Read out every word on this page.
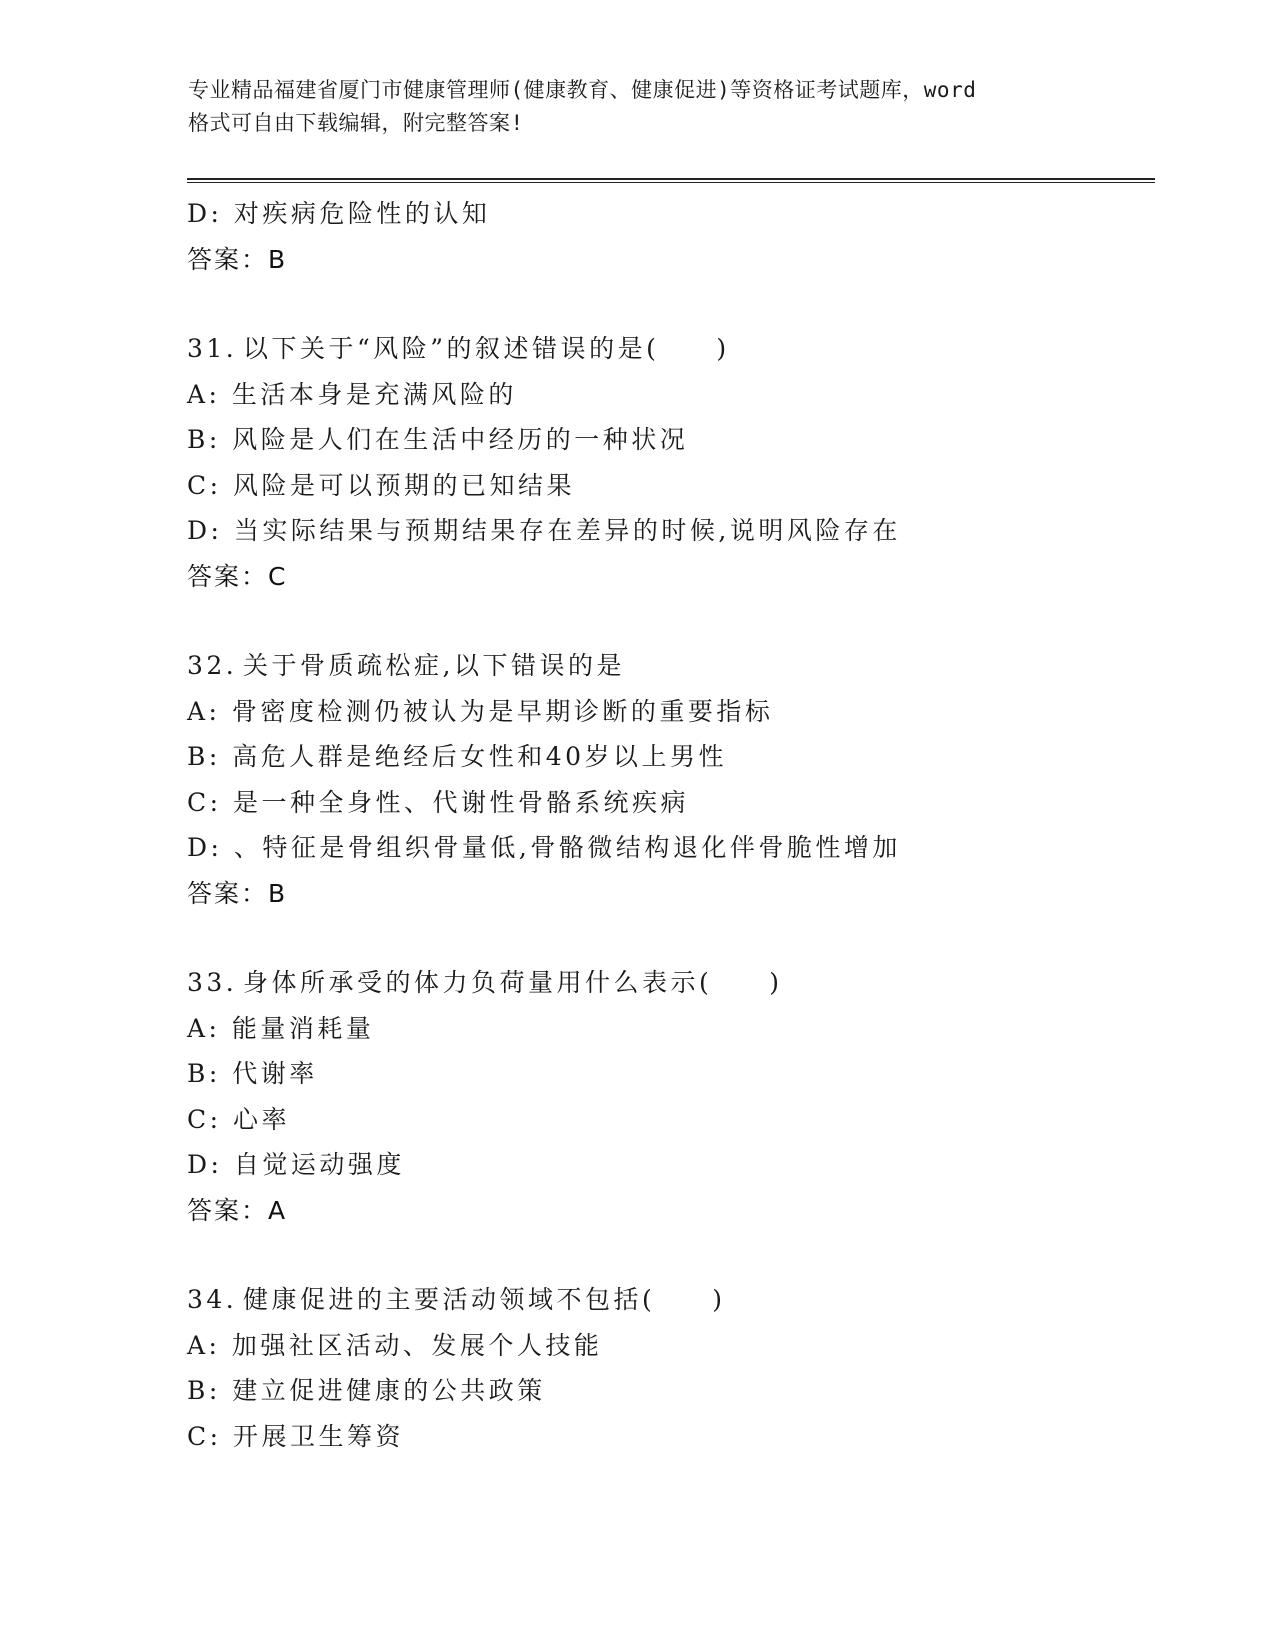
专业精品福建省厦门市健康管理师(健康教育、健康促进)等资格证考试题库，word
格式可自由下载编辑，附完整答案!
D: 对疾病危险性的认知
答案：B
31. 以下关于“风险”的叙述错误的是(　　)
A: 生活本身是充满风险的
B: 风险是人们在生活中经历的一种状况
C: 风险是可以预期的已知结果
D: 当实际结果与预期结果存在差异的时候,说明风险存在
答案：C
32. 关于骨质疏松症,以下错误的是
A: 骨密度检测仍被认为是早期诊断的重要指标
B: 高危人群是绝经后女性和40岁以上男性
C: 是一种全身性、代谢性骨骼系统疾病
D: 、特征是骨组织骨量低,骨骼微结构退化伴骨脆性增加
答案：B
33. 身体所承受的体力负荷量用什么表示(　　)
A: 能量消耗量
B: 代谢率
C: 心率
D: 自觉运动强度
答案：A
34. 健康促进的主要活动领域不包括(　　)
A: 加强社区活动、发展个人技能
B: 建立促进健康的公共政策
C: 开展卫生筹资
